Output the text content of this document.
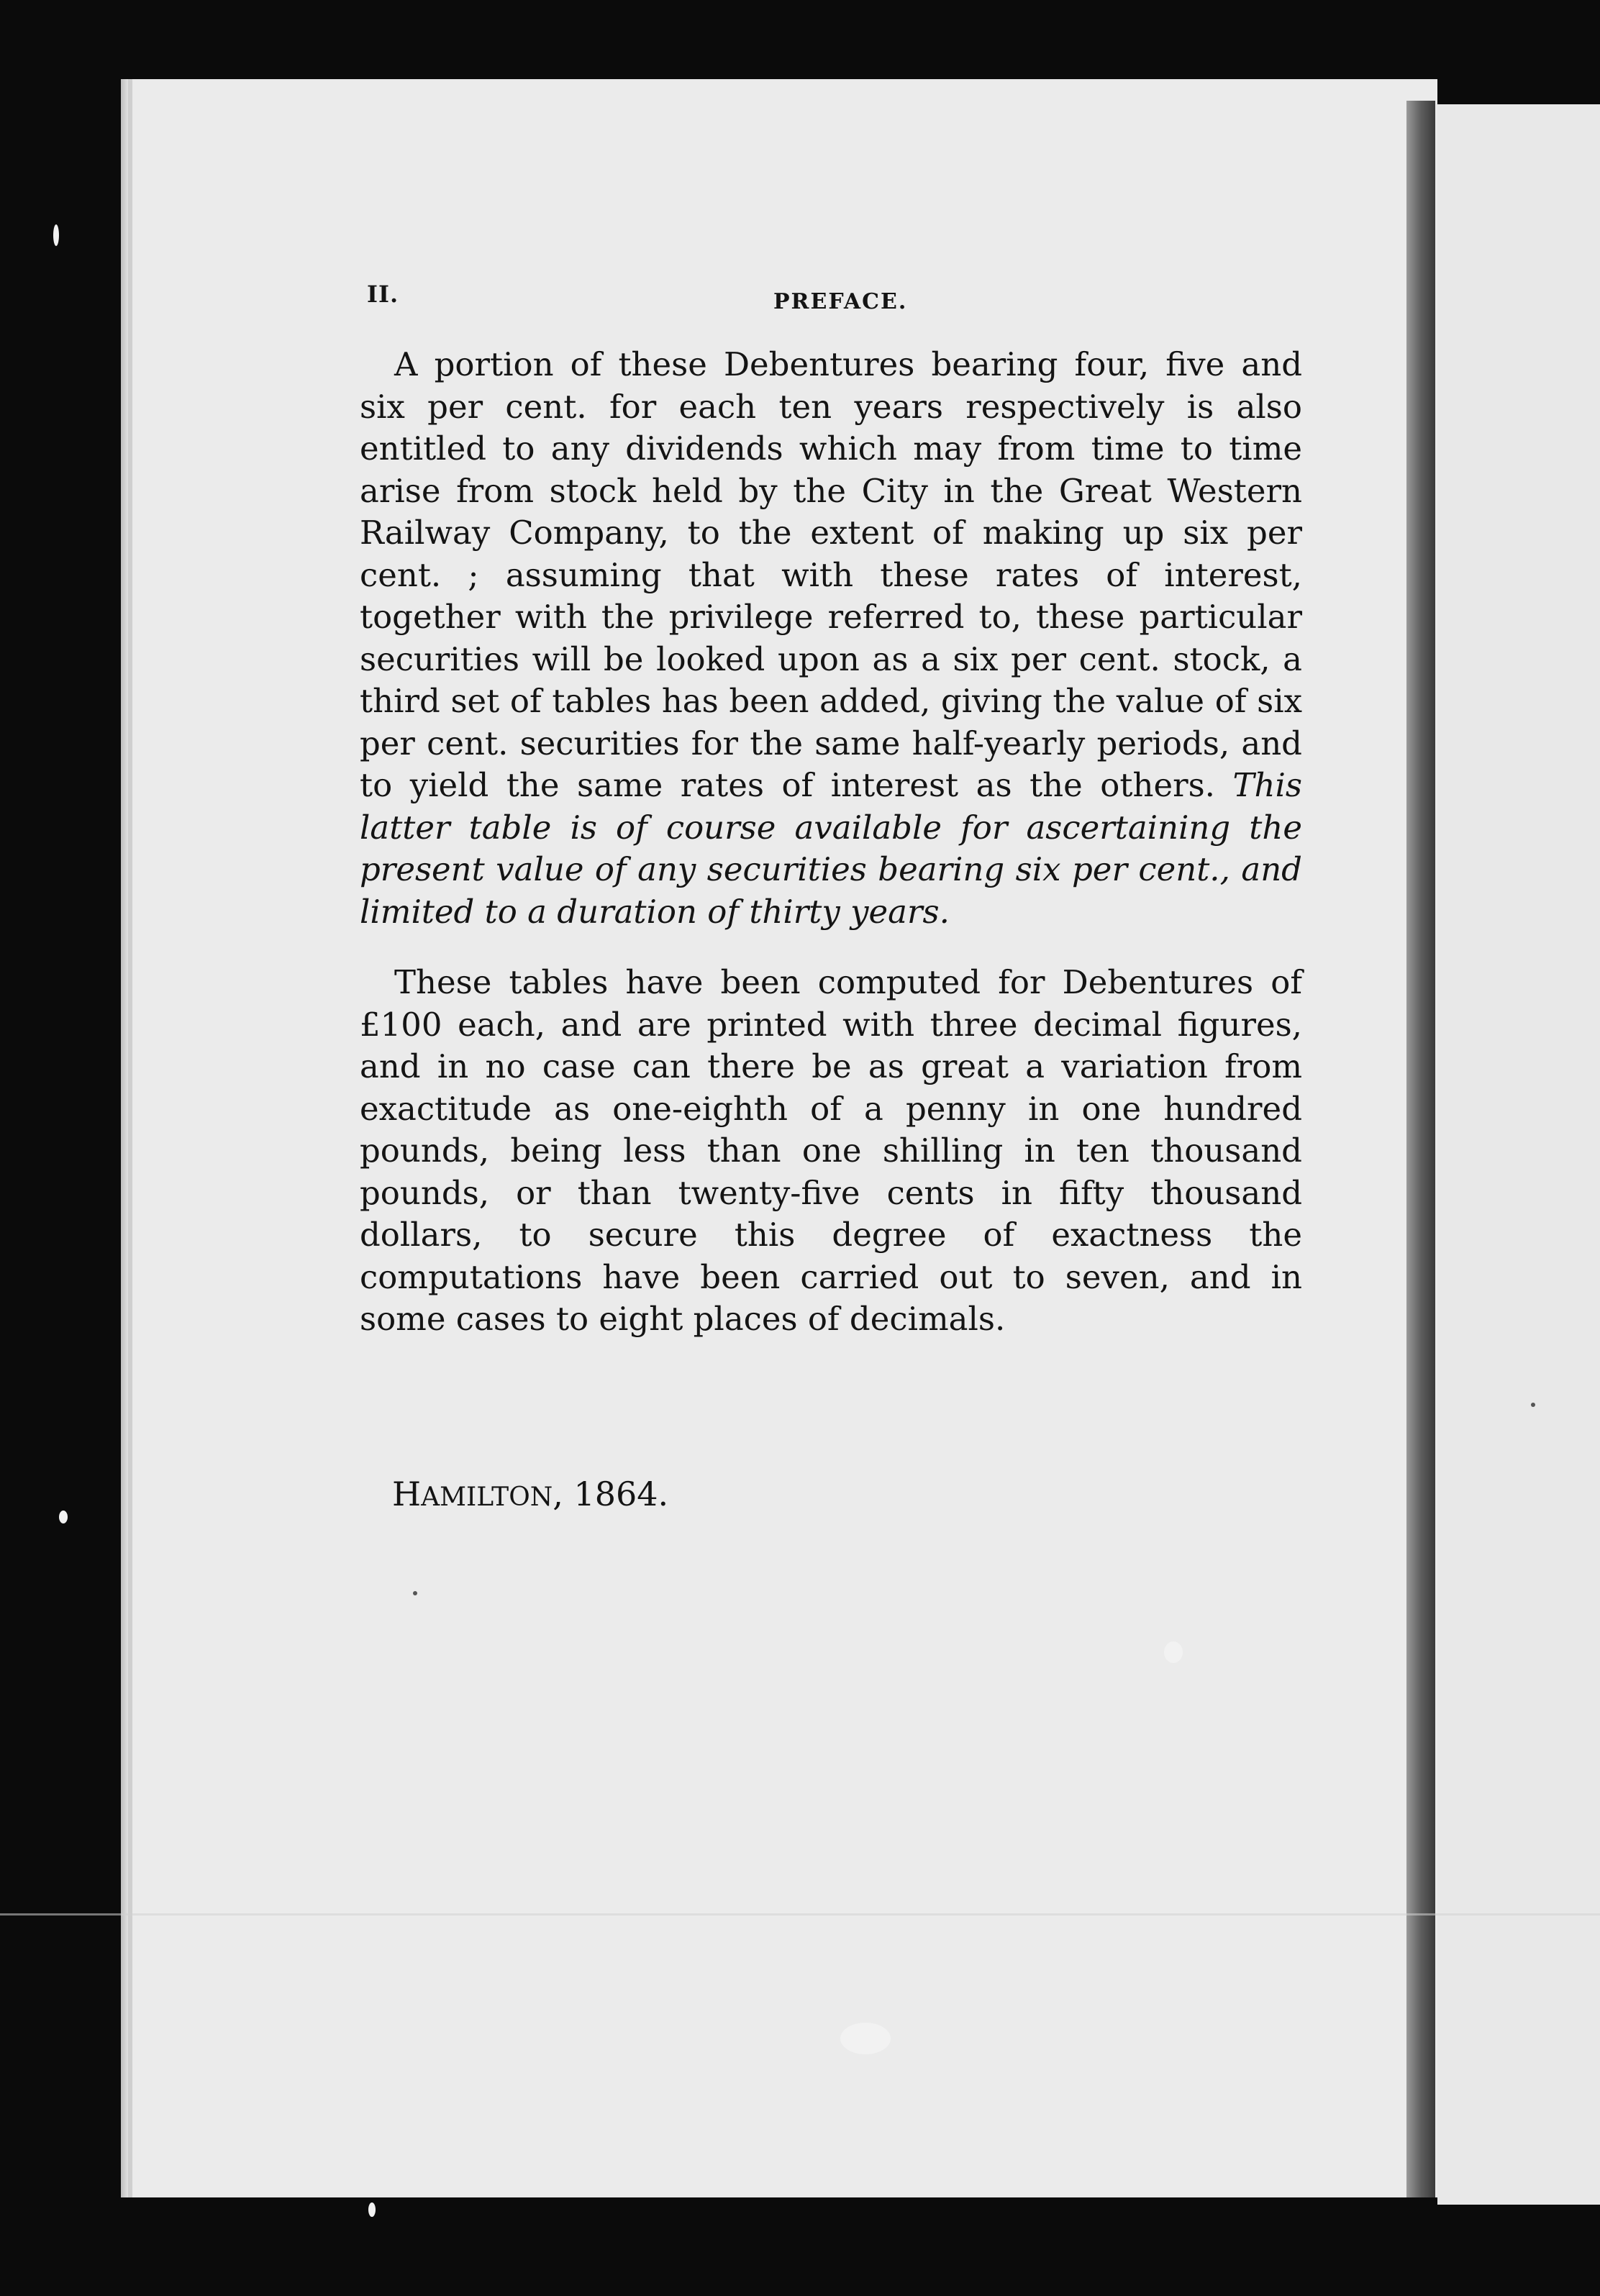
II.	PREFACE.

A portion of these Debentures bearing four, five and six per cent. for each ten years respectively is also entitled to any dividends which may from time to time arise from stock held by the City in the Great Western Railway Company, to the extent of making up six per cent. ; assuming that with these rates of interest, together with the privilege referred to, these particular securities will be looked upon as a six per cent. stock, a third set of tables has been added, giving the value of six per cent. securities for the same half-yearly periods, and to yield the same rates of interest as the others. This latter table is of course available for ascertaining the present value of any securities bearing six per cent., and limited to a duration of thirty years.

These tables have been computed for Debentures of £100 each, and are printed with three decimal figures, and in no case can there be as great a variation from exactitude as one-eighth of a penny in one hundred pounds, being less than one shilling in ten thousand pounds, or than twenty-five cents in fifty thousand dollars, to secure this degree of exactness the computations have been carried out to seven, and in some cases to eight places of decimals.

HAMILTON, 1864.
